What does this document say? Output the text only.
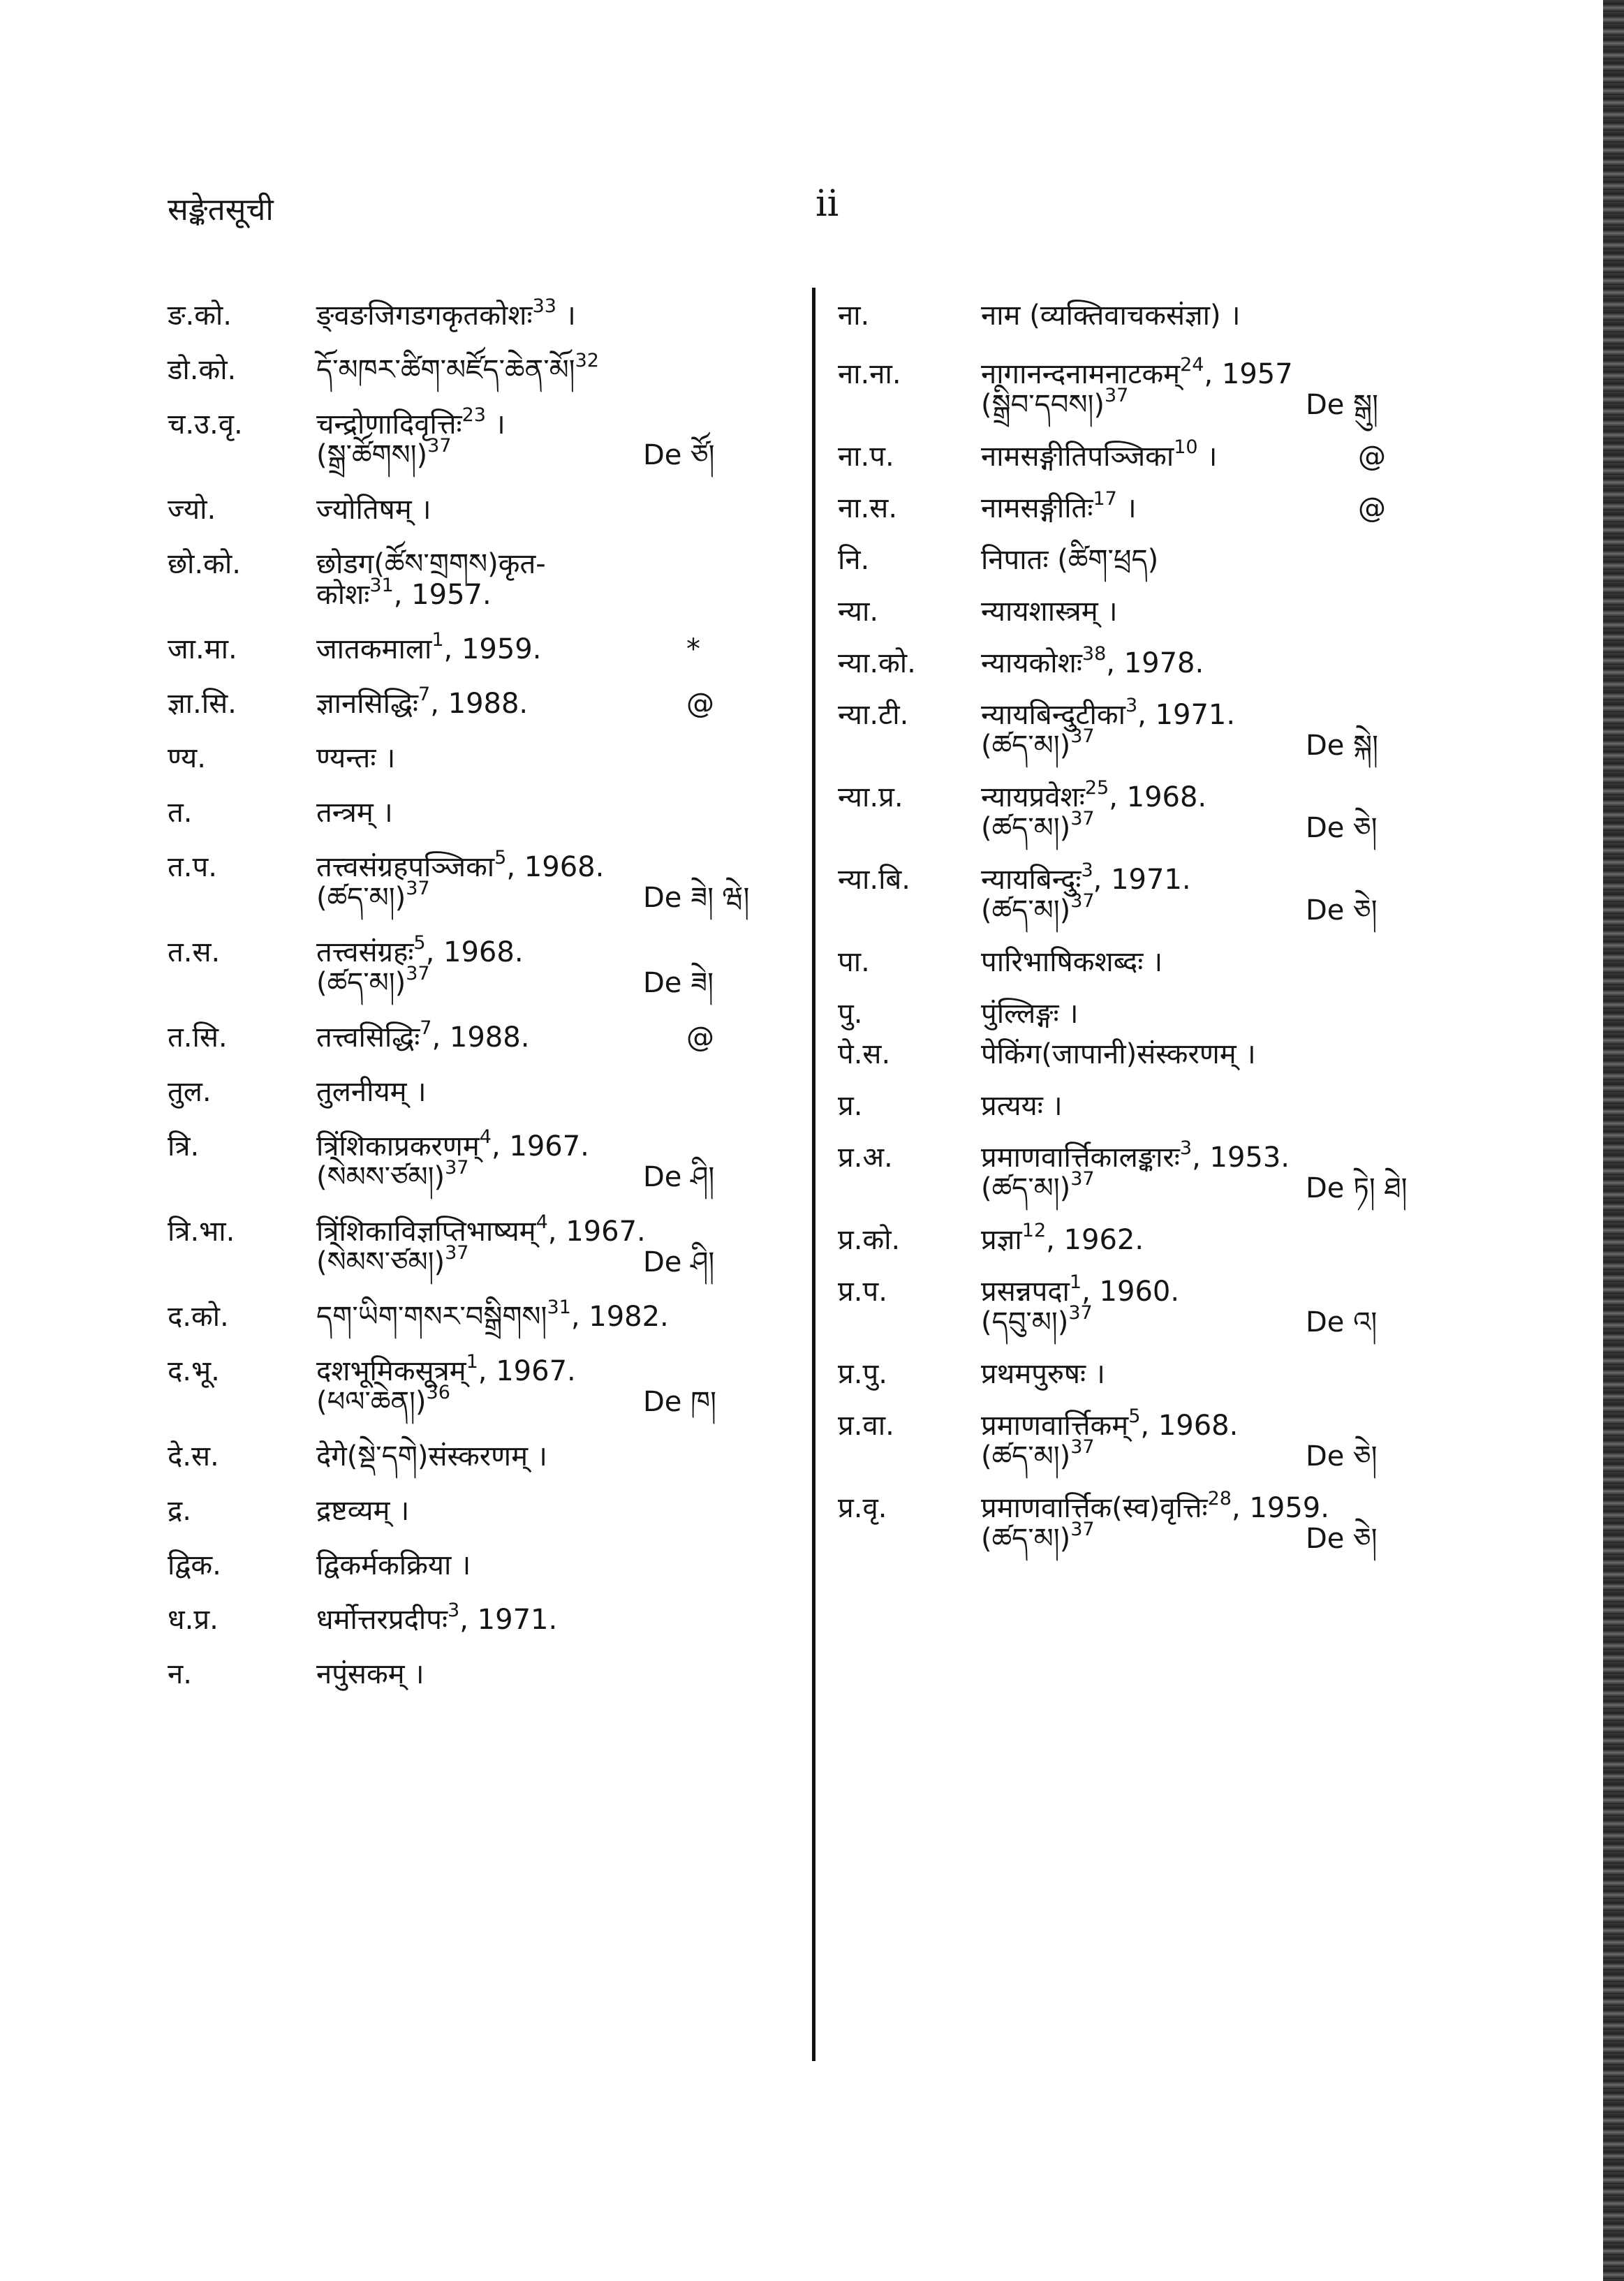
सङ्केतसूची	ii
ङ.को.	ङ्वङजिगडगकृतकोशः$^{33}$ ।
डो.को.	དོ་མཁར་ཚིག་མཛོད་ཆེན་མོ།$^{32}$
च.उ.वृ.	चन्द्रोणादिवृत्तिः$^{23}$ ।
(སྒྲ་ཚོགས།)$^{37}$	De ཙོ།
ज्यो.	ज्योतिषम् ।
छो.को.	छोडग(ཚོས་གྲགས)कृत-
कोशः$^{31}$, 1957.
जा.मा.	जातकमाला$^1$, 1959.	*
ज्ञा.सि.	ज्ञानसिद्धिः$^7$, 1988.	@
ण्य.	ण्यन्तः ।
त.	तन्त्रम् ।
त.प.	तत्त्वसंग्रहपञ्जिका$^5$, 1968.
(ཚད་མ།)$^{37}$	De ཟེ། ཝེ།
त.स.	तत्त्वसंग्रहः$^5$, 1968.
(ཚད་མ།)$^{37}$	De ཟེ།
त.सि.	तत्त्वसिद्धिः$^7$, 1988.	@
तुल.	तुलनीयम् ।
त्रि.	त्रिंशिकाप्रकरणम्$^4$, 1967.
(སེམས་ཙམ།)$^{37}$	De ཤི།
त्रि.भा.	त्रिंशिकाविज्ञप्तिभाष्यम्$^4$, 1967.
(སེམས་ཙམ།)$^{37}$	De ཤི།
द.को.	དག་ཡིག་གསར་བསྒྲིགས།$^{31}$, 1982.
द.भू.	दशभूमिकसूत्रम्$^1$, 1967.
(ཕལ་ཆེན།)$^{36}$	De ཁ།
दे.स.	देगे(སྡེ་དགེ)संस्करणम् ।
द्र.	द्रष्टव्यम् ।
द्विक.	द्विकर्मकक्रिया ।
ध.प्र.	धर्मोत्तरप्रदीपः$^3$, 1971.
न.	नपुंसकम् ।
ना.	नाम (व्यक्तिवाचकसंज्ञा) ।
ना.ना.	नागानन्दनामनाटकम्$^{24}$, 1957
(སྒྲིབ་དབས།)$^{37}$	De སྒུ།
ना.प.	नामसङ्गीतिपञ्जिका$^{10}$ ।	@
ना.स.	नामसङ्गीतिः$^{17}$ ।	@
नि.	निपातः (ཚིག་ཕྲད)
न्या.	न्यायशास्त्रम् ।
न्या.को.	न्यायकोशः$^{38}$, 1978.
न्या.टी.	न्यायबिन्दुटीका$^3$, 1971.
(ཚད་མ།)$^{37}$	De སྐེ།
न्या.प्र.	न्यायप्रवेशः$^{25}$, 1968.
(ཚད་མ།)$^{37}$	De ཅེ།
न्या.बि.	न्यायबिन्दुः$^3$, 1971.
(ཚད་མ།)$^{37}$	De ཅེ།
पा.	पारिभाषिकशब्दः ।
पु.	पुंल्लिङ्गः ।
पे.स.	पेकिंग(जापानी)संस्करणम् ।
प्र.	प्रत्ययः ।
प्र.अ.	प्रमाणवार्त्तिकालङ्कारः$^3$, 1953.
(ཚད་མ།)$^{37}$	De ཏེ། ཐེ།
प्र.को.	प्रज्ञा$^{12}$, 1962.
प्र.प.	प्रसन्नपदा$^1$, 1960.
(དབུ་མ།)$^{37}$	De འ།
प्र.पु.	प्रथमपुरुषः ।
प्र.वा.	प्रमाणवार्त्तिकम्$^5$, 1968.
(ཚད་མ།)$^{37}$	De ཅེ།
प्र.वृ.	प्रमाणवार्त्तिक(स्व)वृत्तिः$^{28}$, 1959.
(ཚད་མ།)$^{37}$	De ཅེ།
